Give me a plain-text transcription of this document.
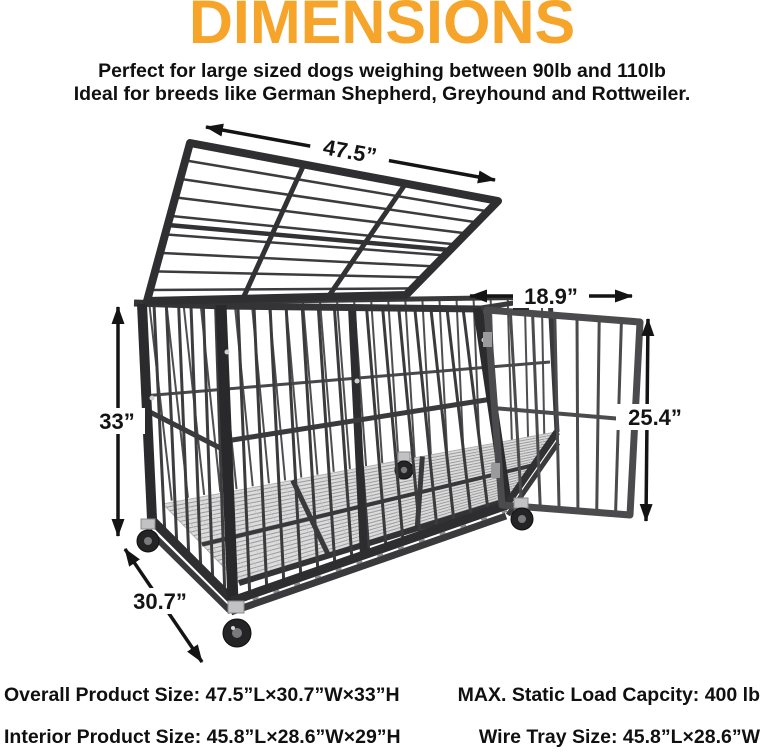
DIMENSIONS
Perfect for large sized dogs weighing between 90lb and 110lb
Ideal for breeds like German Shepherd, Greyhound and Rottweiler.
47.5”
18.9”
25.4”
33”
30.7”
Overall Product Size: 47.5”L×30.7”W×33”H	MAX. Static Load Capcity: 400 lb
Interior Product Size: 45.8”L×28.6”W×29”H	Wire Tray Size: 45.8”L×28.6”W
